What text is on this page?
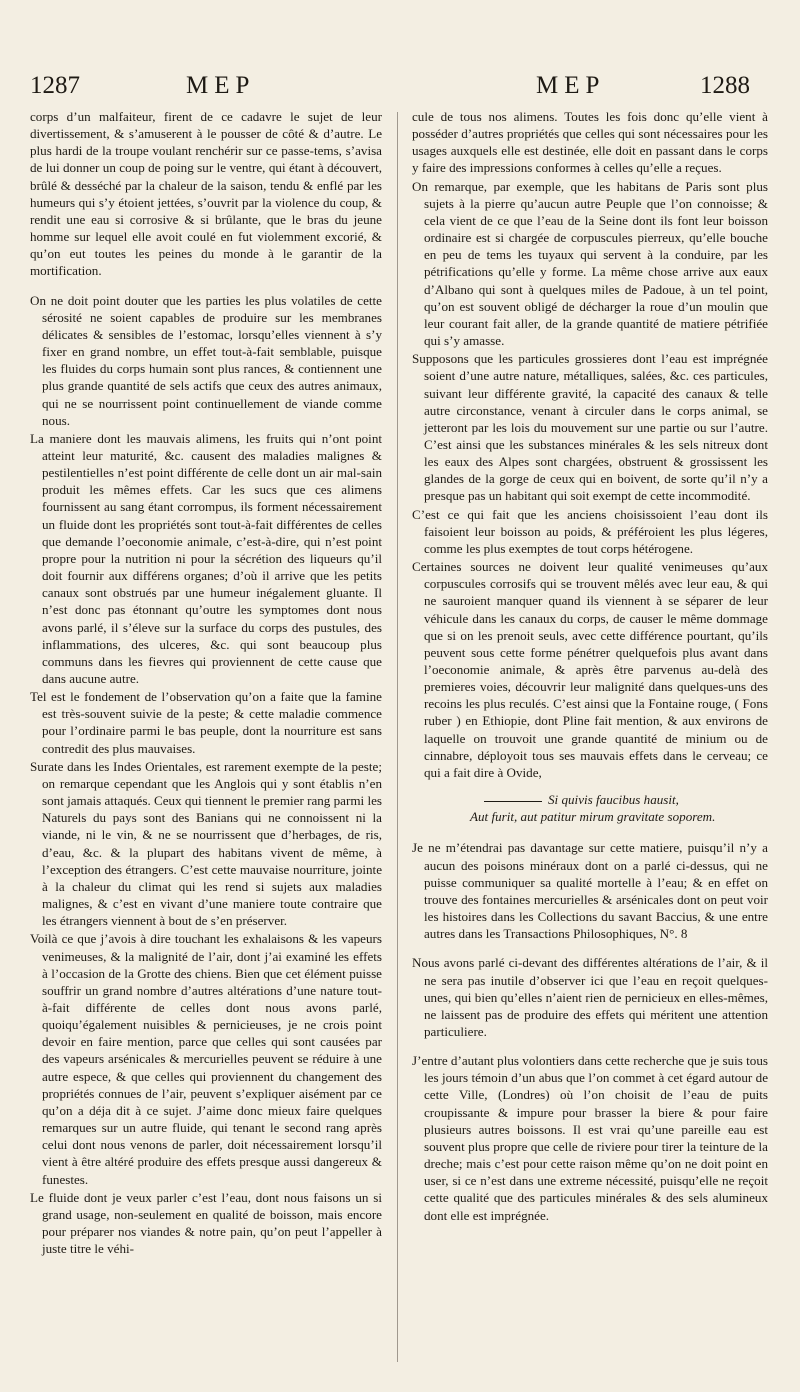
1287	MEP	MEP	1288

corps d’un malfaiteur, firent de ce cadavre le sujet de leur divertissement, & s’amuserent à le pousser de côté & d’autre. Le plus hardi de la troupe voulant renchérir sur ce passe-tems, s’avisa de lui donner un coup de poing sur le ventre, qui étant à découvert, brûlé & desséché par la chaleur de la saison, tendu & enflé par les humeurs qui s’y étoient jettées, s’ouvrit par la violence du coup, & rendit une eau si corrosive & si brûlante, que le bras du jeune homme sur lequel elle avoit coulé en fut violemment excorié, & qu’on eut toutes les peines du monde à le garantir de la mortification.

On ne doit point douter que les parties les plus volatiles de cette sérosité ne soient capables de produire sur les membranes délicates & sensibles de l’estomac, lorsqu’elles viennent à s’y fixer en grand nombre, un effet tout-à-fait semblable, puisque les fluides du corps humain sont plus rances, & contiennent une plus grande quantité de sels actifs que ceux des autres animaux, qui ne se nourrissent point continuellement de viande comme nous.

La maniere dont les mauvais alimens, les fruits qui n’ont point atteint leur maturité, &c. causent des maladies malignes & pestilentielles n’est point différente de celle dont un air mal-sain produit les mêmes effets. Car les sucs que ces alimens fournissent au sang étant corrompus, ils forment nécessairement un fluide dont les propriétés sont tout-à-fait différentes de celles que demande l’oeconomie animale, c’est-à-dire, qui n’est point propre pour la nutrition ni pour la sécrétion des liqueurs qu’il doit fournir aux différens organes; d’où il arrive que les petits canaux sont obstrués par une humeur inégalement gluante. Il n’est donc pas étonnant qu’outre les symptomes dont nous avons parlé, il s’éleve sur la surface du corps des pustules, des inflammations, des ulceres, &c. qui sont beaucoup plus communs dans les fievres qui proviennent de cette cause que dans aucune autre.

Tel est le fondement de l’observation qu’on a faite que la famine est très-souvent suivie de la peste; & cette maladie commence pour l’ordinaire parmi le bas peuple, dont la nourriture est sans contredit des plus mauvaises.

Surate dans les Indes Orientales, est rarement exempte de la peste; on remarque cependant que les Anglois qui y sont établis n’en sont jamais attaqués. Ceux qui tiennent le premier rang parmi les Naturels du pays sont des Banians qui ne connoissent ni la viande, ni le vin, & ne se nourrissent que d’herbages, de ris, d’eau, &c. & la plupart des habitans vivent de même, à l’exception des étrangers. C’est cette mauvaise nourriture, jointe à la chaleur du climat qui les rend si sujets aux maladies malignes, & c’est en vivant d’une maniere toute contraire que les étrangers viennent à bout de s’en préserver.

Voilà ce que j’avois à dire touchant les exhalaisons & les vapeurs venimeuses, & la malignité de l’air, dont j’ai examiné les effets à l’occasion de la Grotte des chiens. Bien que cet élément puisse souffrir un grand nombre d’autres altérations d’une nature tout-à-fait différente de celles dont nous avons parlé, quoiqu’également nuisibles & pernicieuses, je ne crois point devoir en faire mention, parce que celles qui sont causées par des vapeurs arsénicales & mercurielles peuvent se réduire à une autre espece, & que celles qui proviennent du changement des propriétés connues de l’air, peuvent s’expliquer aisément par ce qu’on a déja dit à ce sujet. J’aime donc mieux faire quelques remarques sur un autre fluide, qui tenant le second rang après celui dont nous venons de parler, doit nécessairement lorsqu’il vient à être altéré produire des effets presque aussi dangereux & funestes.

Le fluide dont je veux parler c’est l’eau, dont nous faisons un si grand usage, non-seulement en qualité de boisson, mais encore pour préparer nos viandes & notre pain, qu’on peut l’appeller à juste titre le véhi-

cule de tous nos alimens. Toutes les fois donc qu’elle vient à posséder d’autres propriétés que celles qui sont nécessaires pour les usages auxquels elle est destinée, elle doit en passant dans le corps y faire des impressions conformes à celles qu’elle a reçues.

On remarque, par exemple, que les habitans de Paris sont plus sujets à la pierre qu’aucun autre Peuple que l’on connoisse; & cela vient de ce que l’eau de la Seine dont ils font leur boisson ordinaire est si chargée de corpuscules pierreux, qu’elle bouche en peu de tems les tuyaux qui servent à la conduire, par les pétrifications qu’elle y forme. La même chose arrive aux eaux d’Albano qui sont à quelques miles de Padoue, à un tel point, qu’on est souvent obligé de décharger la roue d’un moulin que leur courant fait aller, de la grande quantité de matiere pétrifiée qui s’y amasse.

Supposons que les particules grossieres dont l’eau est imprégnée soient d’une autre nature, métalliques, salées, &c. ces particules, suivant leur différente gravité, la capacité des canaux & telle autre circonstance, venant à circuler dans le corps animal, se jetteront par les lois du mouvement sur une partie ou sur l’autre. C’est ainsi que les substances minérales & les sels nitreux dont les eaux des Alpes sont chargées, obstruent & grossissent les glandes de la gorge de ceux qui en boivent, de sorte qu’il n’y a presque pas un habitant qui soit exempt de cette incommodité.

C’est ce qui fait que les anciens choisissoient l’eau dont ils faisoient leur boisson au poids, & préféroient les plus légeres, comme les plus exemptes de tout corps hétérogene.

Certaines sources ne doivent leur qualité venimeuses qu’aux corpuscules corrosifs qui se trouvent mêlés avec leur eau, & qui ne sauroient manquer quand ils viennent à se séparer de leur véhicule dans les canaux du corps, de causer le même dommage que si on les prenoit seuls, avec cette différence pourtant, qu’ils peuvent sous cette forme pénétrer quelquefois plus avant dans l’oeconomie animale, & après être parvenus au-delà des premieres voies, découvrir leur malignité dans quelques-uns des recoins les plus reculés. C’est ainsi que la Fontaine rouge, ( Fons ruber ) en Ethiopie, dont Pline fait mention, & aux environs de laquelle on trouvoit une grande quantité de minium ou de cinnabre, déployoit tous ses mauvais effets dans le cerveau; ce qui a fait dire à Ovide,

Si quivis faucibus hausit,
Aut furit, aut patitur mirum gravitate soporem.

Je ne m’étendrai pas davantage sur cette matiere, puisqu’il n’y a aucun des poisons minéraux dont on a parlé ci-dessus, qui ne puisse communiquer sa qualité mortelle à l’eau; & en effet on trouve des fontaines mercurielles & arsénicales dont on peut voir les histoires dans les Collections du savant Baccius, & une entre autres dans les Transactions Philosophiques, N°. 8

Nous avons parlé ci-devant des différentes altérations de l’air, & il ne sera pas inutile d’observer ici que l’eau en reçoit quelques-unes, qui bien qu’elles n’aient rien de pernicieux en elles-mêmes, ne laissent pas de produire des effets qui méritent une attention particuliere.

J’entre d’autant plus volontiers dans cette recherche que je suis tous les jours témoin d’un abus que l’on commet à cet égard autour de cette Ville, (Londres) où l’on choisit de l’eau de puits croupissante & impure pour brasser la biere & pour faire plusieurs autres boissons. Il est vrai qu’une pareille eau est souvent plus propre que celle de riviere pour tirer la teinture de la dreche; mais c’est pour cette raison même qu’on ne doit point en user, si ce n’est dans une extreme nécessité, puisqu’elle ne reçoit cette qualité que des particules minérales & des sels alumineux dont elle est imprégnée.
